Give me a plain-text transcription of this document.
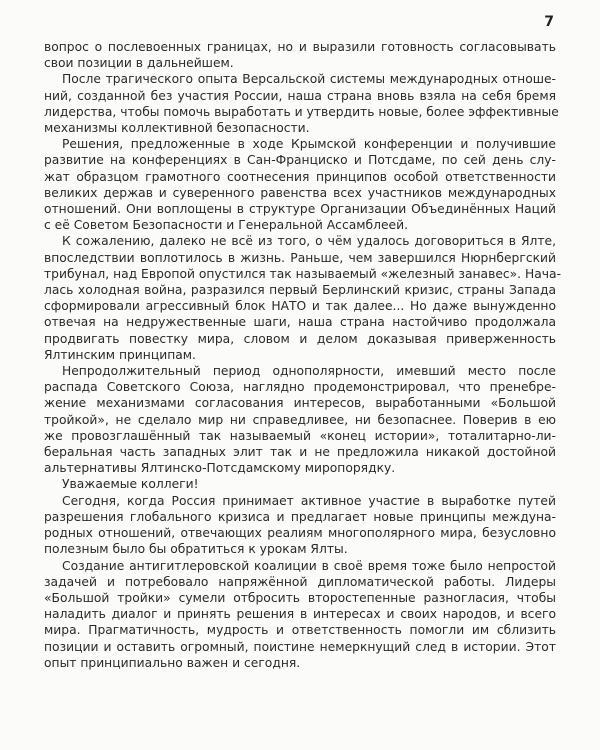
7
вопрос о послевоенных границах, но и выразили готовность согласовывать
свои позиции в дальнейшем.
После трагического опыта Версальской системы международных отноше-
ний, созданной без участия России, наша страна вновь взяла на себя бремя
лидерства, чтобы помочь выработать и утвердить новые, более эффективные
механизмы коллективной безопасности.
Решения, предложенные в ходе Крымской конференции и получившие
развитие на конференциях в Сан-Франциско и Потсдаме, по сей день слу-
жат образцом грамотного соотнесения принципов особой ответственности
великих держав и суверенного равенства всех участников международных
отношений. Они воплощены в структуре Организации Объединённых Наций
с её Советом Безопасности и Генеральной Ассамблеей.
К сожалению, далеко не всё из того, о чём удалось договориться в Ялте,
впоследствии воплотилось в жизнь. Раньше, чем завершился Нюрнбергский
трибунал, над Европой опустился так называемый «железный занавес». Нача-
лась холодная война, разразился первый Берлинский кризис, страны Запада
сформировали агрессивный блок НАТО и так далее... Но даже вынужденно
отвечая на недружественные шаги, наша страна настойчиво продолжала
продвигать повестку мира, словом и делом доказывая приверженность
Ялтинским принципам.
Непродолжительный период однополярности, имевший место после
распада Советского Союза, наглядно продемонстрировал, что пренебре-
жение механизмами согласования интересов, выработанными «Большой
тройкой», не сделало мир ни справедливее, ни безопаснее. Поверив в ею
же провозглашённый так называемый «конец истории», тоталитарно-ли-
беральная часть западных элит так и не предложила никакой достойной
альтернативы Ялтинско-Потсдамскому миропорядку.
Уважаемые коллеги!
Сегодня, когда Россия принимает активное участие в выработке путей
разрешения глобального кризиса и предлагает новые принципы междуна-
родных отношений, отвечающих реалиям многополярного мира, безусловно
полезным было бы обратиться к урокам Ялты.
Создание антигитлеровской коалиции в своё время тоже было непростой
задачей и потребовало напряжённой дипломатической работы. Лидеры
«Большой тройки» сумели отбросить второстепенные разногласия, чтобы
наладить диалог и принять решения в интересах и своих народов, и всего
мира. Прагматичность, мудрость и ответственность помогли им сблизить
позиции и оставить огромный, поистине немеркнущий след в истории. Этот
опыт принципиально важен и сегодня.
